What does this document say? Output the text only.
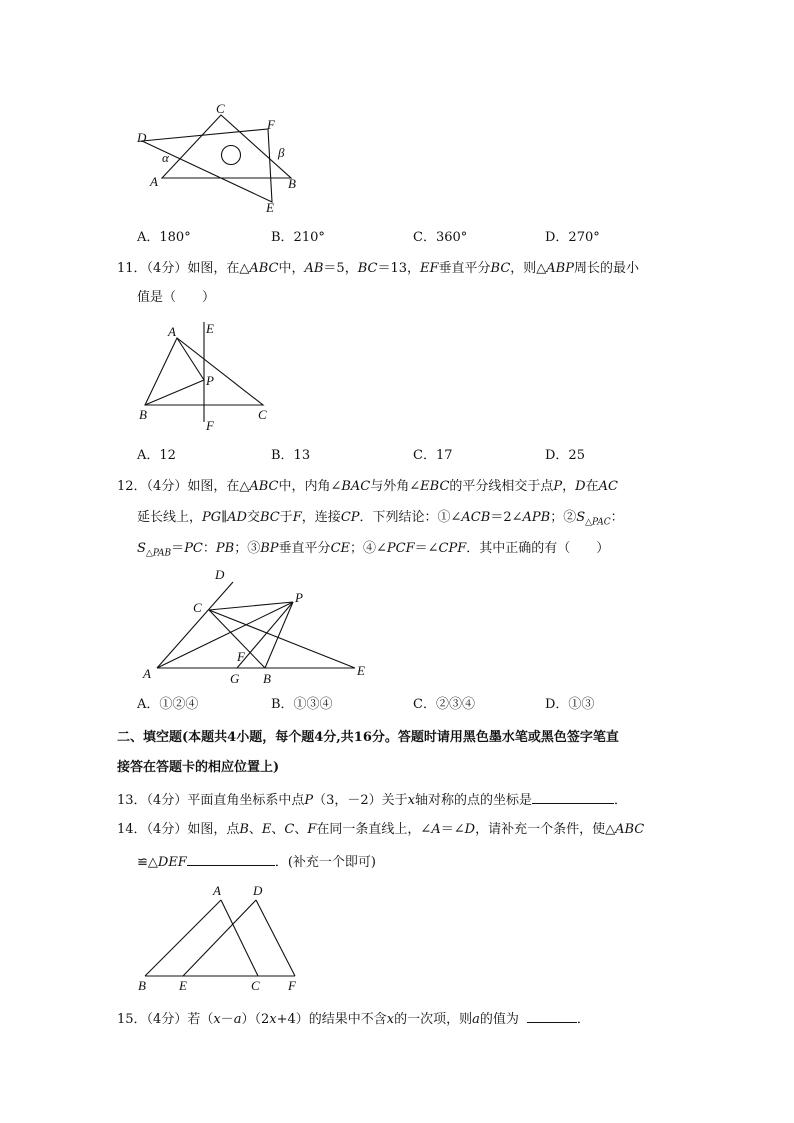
C
D
F
β
α
A	B
E
A．180°	B．210°	C．360°	D．270°
11．（4分）如图，在△ABC中，AB＝5，BC＝13，EF垂直平分BC，则△ABP周长的最小
值是（　　）
A E
P
B	C
F
A．12	B．13	C．17	D．25
12．（4分）如图，在△ABC中，内角∠BAC与外角∠EBC的平分线相交于点P，D在AC
延长线上，PG∥AD交BC于F，连接CP．下列结论：①∠ACB＝2∠APB；$②S_{\triangle PAC}$：
$S_{\triangle PAB}=PC$：PB；③BP垂直平分CE；④∠PCF＝∠CPF．其中正确的有（　　）
D
C
P
F
A	G B
E
A．①②④	B．①③④	C．②③④	D．①③
二、填空题(本题共4小题，每个题4分,共16分。答题时请用黑色墨水笔或黑色签字笔直
接答在答题卡的相应位置上)
13．（4分）平面直角坐标系中点P（3，－2）关于x轴对称的点的坐标是	．
14．（4分）如图，点B、E、C、F在同一条直线上，∠A＝∠D，请补充一个条件，使△ABC
≌△DEF	．(补充一个即可)
A D
B	E	C F
15．（4分）若（x－a）（2x+4）的结果中不含x的一次项，则a的值为	．
